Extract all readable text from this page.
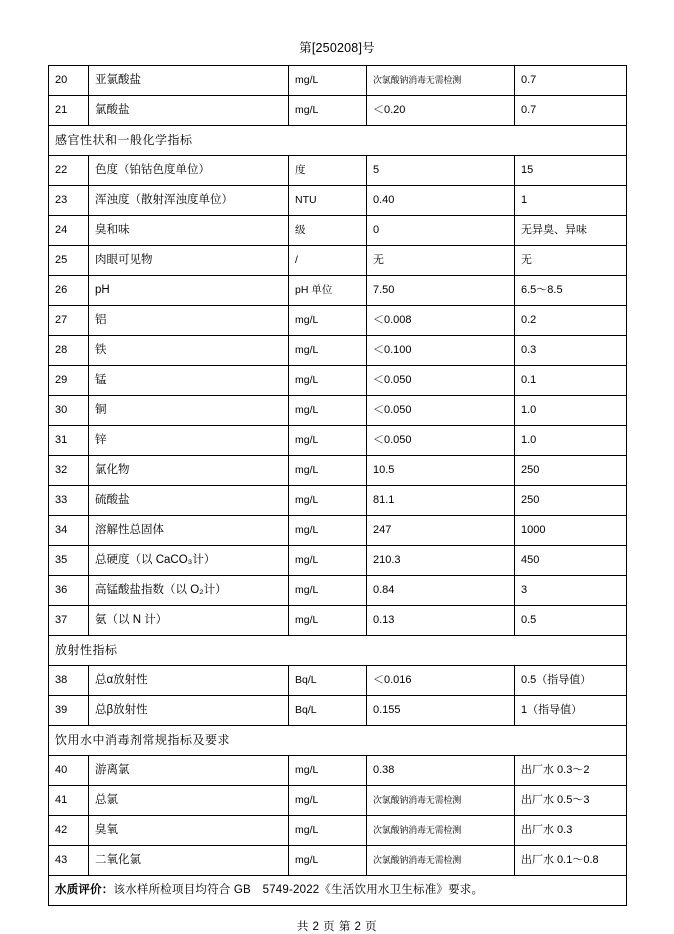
第[250208]号
20	亚氯酸盐	mg/L	次氯酸钠消毒无需检测	0.7
21	氯酸盐	mg/L	＜0.20	0.7
感官性状和一般化学指标				
22	色度（铂钴色度单位）	度	5	15
23	浑浊度（散射浑浊度单位）	NTU	0.40	1
24	臭和味	级	0	无异臭、异味
25	肉眼可见物	/	无	无
26	pH	pH 单位	7.50	6.5～8.5
27	铝	mg/L	＜0.008	0.2
28	铁	mg/L	＜0.100	0.3
29	锰	mg/L	＜0.050	0.1
30	铜	mg/L	＜0.050	1.0
31	锌	mg/L	＜0.050	1.0
32	氯化物	mg/L	10.5	250
33	硫酸盐	mg/L	81.1	250
34	溶解性总固体	mg/L	247	1000
35	总硬度（以 CaCO₃计）	mg/L	210.3	450
36	高锰酸盐指数（以 O₂计）	mg/L	0.84	3
37	氨（以 N 计）	mg/L	0.13	0.5
放射性指标				
38	总α放射性	Bq/L	＜0.016	0.5（指导值）
39	总β放射性	Bq/L	0.155	1（指导值）
饮用水中消毒剂常规指标及要求				
40	游离氯	mg/L	0.38	出厂水 0.3～2
41	总氯	mg/L	次氯酸钠消毒无需检测	出厂水 0.5～3
42	臭氧	mg/L	次氯酸钠消毒无需检测	出厂水 0.3
43	二氧化氯	mg/L	次氯酸钠消毒无需检测	出厂水 0.1～0.8
水质评价：该水样所检项目均符合 GB　5749-2022《生活饮用水卫生标准》要求。				
共 2 页 第 2 页
